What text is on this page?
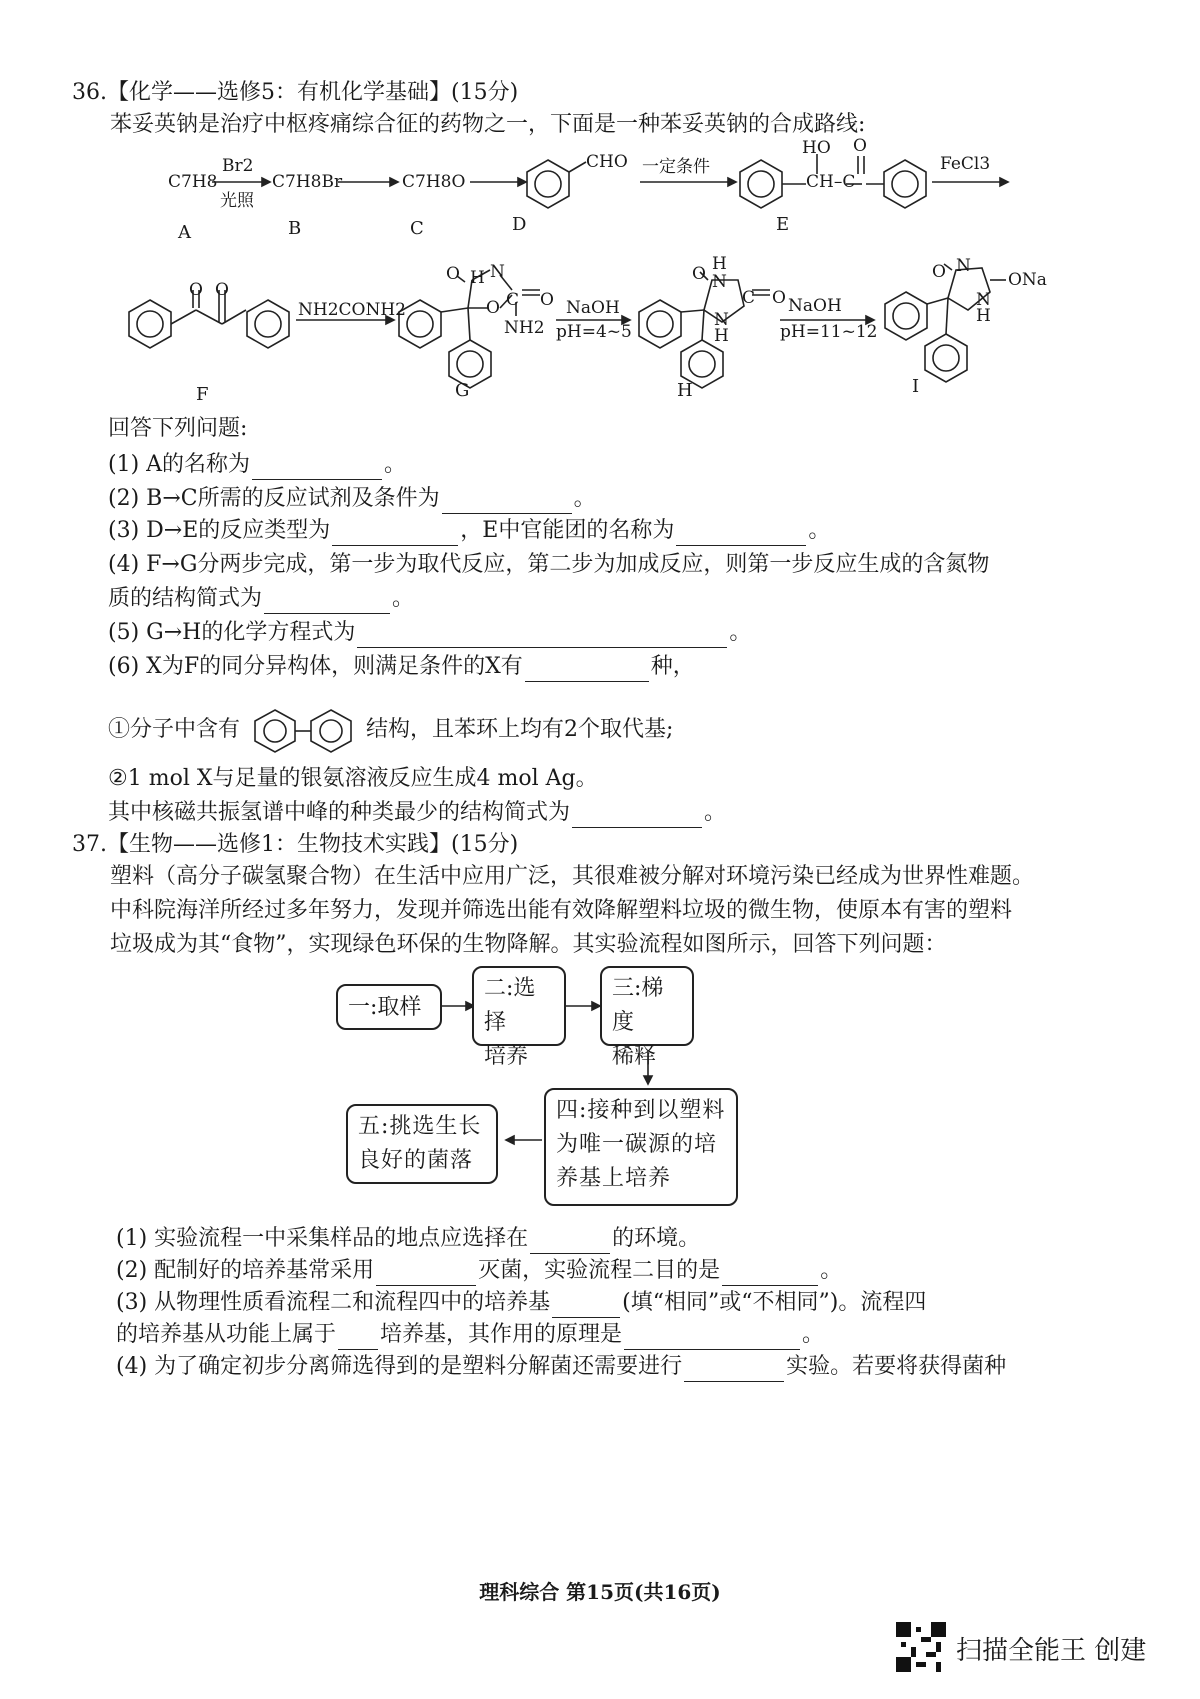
36.【化学——选修5：有机化学基础】(15分)
苯妥英钠是治疗中枢疼痛综合征的药物之一，下面是一种苯妥英钠的合成路线:
C7H8
Br2
光照
C7H8Br	C7H8O
CHO 一定条件
HO O
CH–C
FeCl3
O O
NH2CONH2
H
O N
C O
O
NH2
NaOH
pH=4~5
O H
N
C O
N
H
NaOH
pH=11~12
O N
ONa
N
H
A	B	C	D	E
F	G	H	I
回答下列问题:
(1) A的名称为	。
(2) B→C所需的反应试剂及条件为	。
(3) D→E的反应类型为	，E中官能团的名称为	。
(4) F→G分两步完成，第一步为取代反应，第二步为加成反应，则第一步反应生成的含氮物
质的结构简式为	。
(5) G→H的化学方程式为	。
(6) X为F的同分异构体，则满足条件的X有	种，
①分子中含有	结构，且苯环上均有2个取代基;
②1 mol X与足量的银氨溶液反应生成4 mol Ag。
其中核磁共振氢谱中峰的种类最少的结构简式为	。
37.【生物——选修1：生物技术实践】(15分)
塑料（高分子碳氢聚合物）在生活中应用广泛，其很难被分解对环境污染已经成为世界性难题。
中科院海洋所经过多年努力，发现并筛选出能有效降解塑料垃圾的微生物，使原本有害的塑料
垃圾成为其“食物”，实现绿色环保的生物降解。其实验流程如图所示，回答下列问题：
一:取样
二:选择
培养
三:梯度
稀释
四:接种到以塑料
为唯一碳源的培
养基上培养
五:挑选生长
良好的菌落
(1) 实验流程一中采集样品的地点应选择在	的环境。
(2) 配制好的培养基常采用	灭菌，实验流程二目的是	。
(3) 从物理性质看流程二和流程四中的培养基	(填“相同”或“不相同”)。流程四
的培养基从功能上属于 培养基，其作用的原理是	。
(4) 为了确定初步分离筛选得到的是塑料分解菌还需要进行	实验。若要将获得菌种
理科综合 第15页(共16页)
扫描全能王 创建
